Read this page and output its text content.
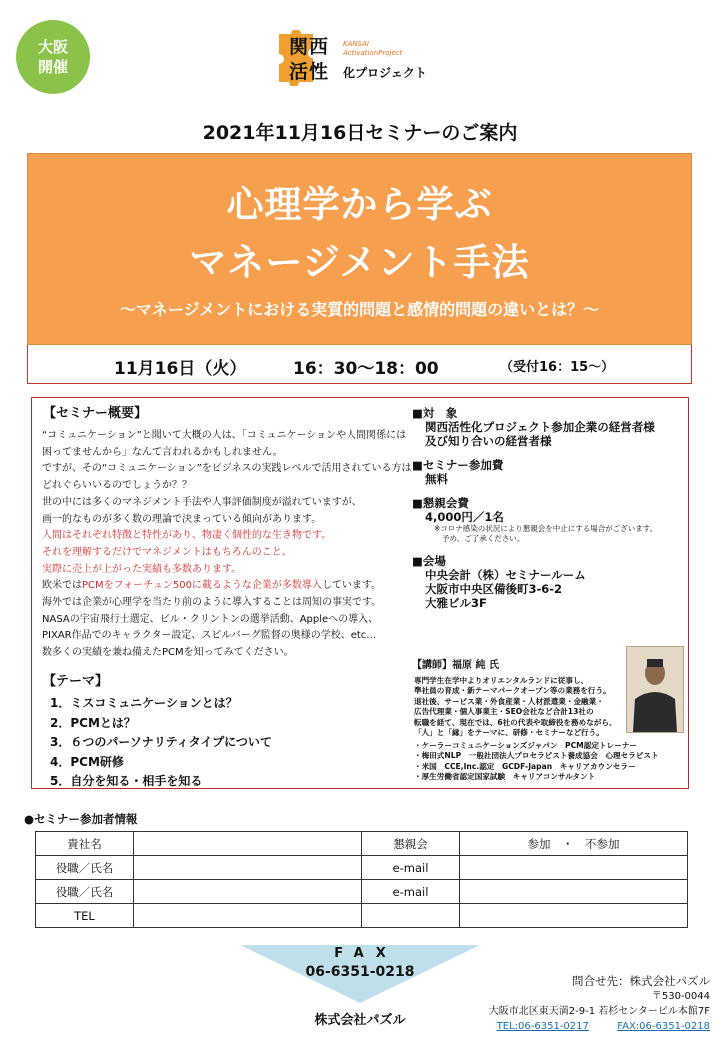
大阪
開催
関西
活性
KANSAI
ActivationProject
化プロジェクト
2021年11月16日セミナーのご案内
心理学から学ぶ
マネージメント手法
～マネージメントにおける実質的問題と感情的問題の違いとは？～
11月16日（火）	16：30～18：00	（受付16：15～）
【セミナー概要】
“コミュニケーション”と聞いて大概の人は、「コミュニケーションや人間関係には
困ってませんから」なんて言われるかもしれません。
ですが、その“コミュニケーション”をビジネスの実践レベルで活用されている方は
どれぐらいいるのでしょうか？？
世の中には多くのマネジメント手法や人事評価制度が溢れていますが、
画一的なものが多く数の理論で決まっている傾向があります。
人間はそれぞれ特徴と特性があり、物凄く個性的な生き物です。
それを理解するだけでマネジメントはもちろんのこと、
実際に売上が上がった実績も多数あります。
欧米ではPCMをフォーチュン500に載るような企業が多数導入しています。
海外では企業が心理学を当たり前のように導入することは周知の事実です。
NASAの宇宙飛行士選定、ビル・クリントンの選挙活動、Appleへの導入、
PIXAR作品でのキャラクター設定、スピルバーグ監督の奥様の学校、etc…
数多くの実績を兼ね備えたPCMを知ってみてください。
【テーマ】
1．ミスコミュニケーションとは？
2．PCMとは？
3．６つのパーソナリティタイプについて
4．PCM研修
5．自分を知る・相手を知る
■対　象
関西活性化プロジェクト参加企業の経営者様
及び知り合いの経営者様
■セミナー参加費
無料
■懇親会費
4,000円／1名
※コロナ感染の状況により懇親会を中止にする場合がございます。
予め、ご了承ください。
■会場
中央会計（株）セミナールーム
大阪市中央区備後町3-6-2
大雅ビル3F
【講師】福原 純 氏
専門学生在学中よりオリエンタルランドに従事し、
準社員の育成・新テーマパークオープン等の業務を行う。
退社後、サービス業・外食産業・人材派遣業・金融業・
広告代理業・個人事業主・SEO会社など合計13社の
転職を経て、現在では、6社の代表や取締役を務めながら、
「人」と「縁」をテーマに、研修・セミナーなど行う。
・ケーラーコミュニケーションズジャパン　PCM認定トレーナー
・梅田式NLP　一般社団法人プロセラピスト養成協会　心理セラピスト
・米国　CCE,Inc.認定　GCDF-Japan　キャリアカウンセラー
・厚生労働省認定国家試験　キャリアコンサルタント
●セミナー参加者情報
貴社名		懇親会	参加　・　不参加
役職／氏名		e-mail	
役職／氏名		e-mail	
TEL			
FAX
06-6351-0218
株式会社パズル
問合せ先：株式会社パズル
〒530-0044
大阪市北区東天満2-9-1 若杉センタービル本館7F
TEL:06-6351-0217	FAX:06-6351-0218
